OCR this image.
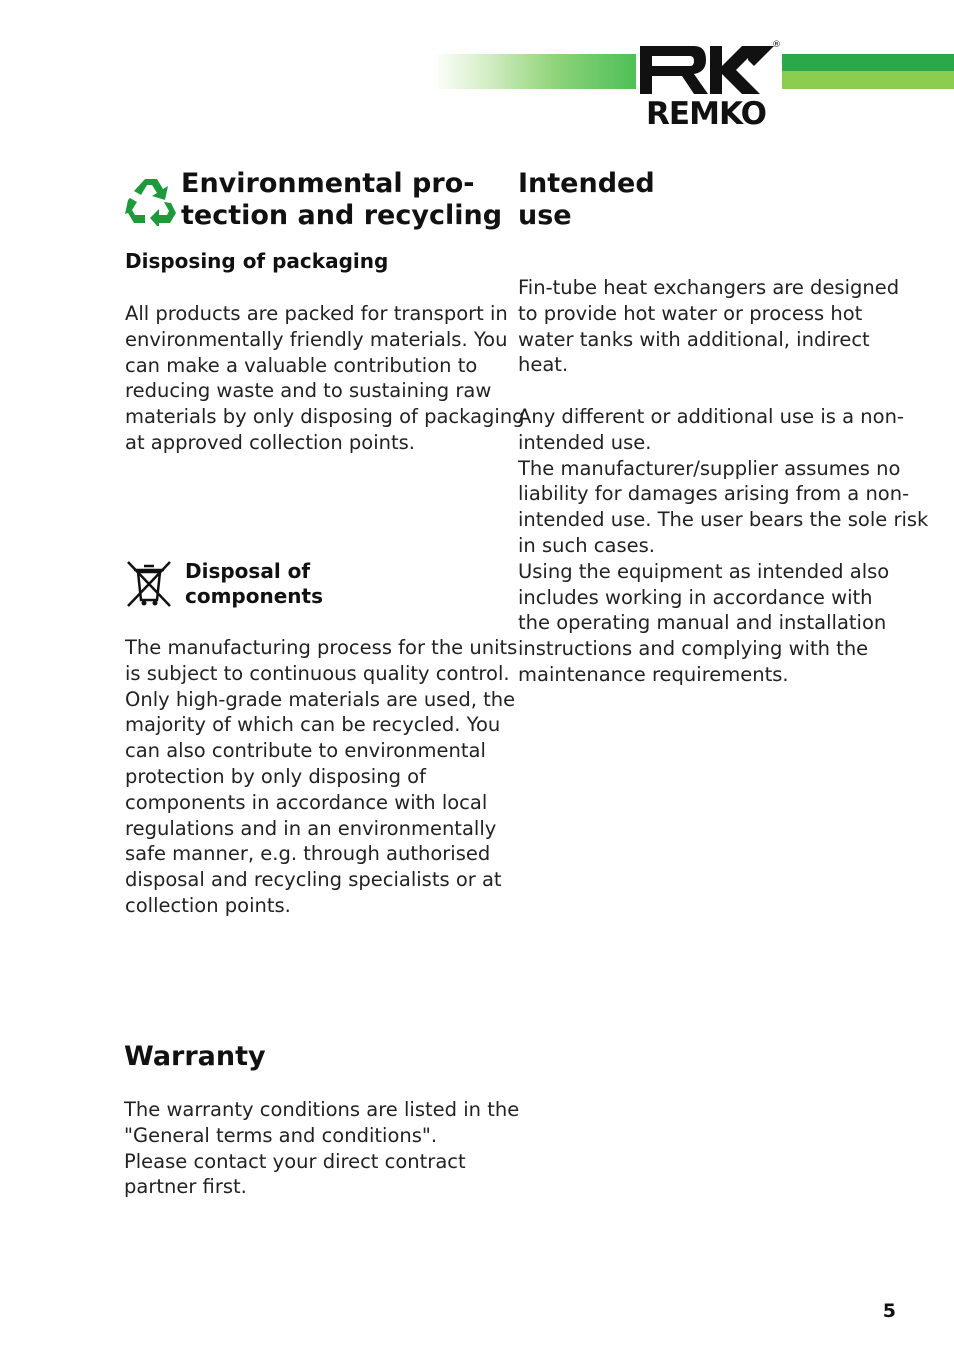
REMKO
®
Environmental pro-
tection and recycling
Disposing of packaging
All products are packed for transport in
environmentally friendly materials. You
can make a valuable contribution to
reducing waste and to sustaining raw
materials by only disposing of packaging
at approved collection points.
Disposal of
components
The manufacturing process for the units
is subject to continuous quality control.
Only high-grade materials are used, the
majority of which can be recycled. You
can also contribute to environmental
protection by only disposing of
components in accordance with local
regulations and in an environmentally
safe manner, e.g. through authorised
disposal and recycling specialists or at
collection points.
Warranty
The warranty conditions are listed in the
"General terms and conditions".
Please contact your direct contract
partner first.
Intended
use
Fin-tube heat exchangers are designed
to provide hot water or process hot
water tanks with additional, indirect
heat.
Any different or additional use is a non-
intended use.
The manufacturer/supplier assumes no
liability for damages arising from a non-
intended use. The user bears the sole risk
in such cases.
Using the equipment as intended also
includes working in accordance with
the operating manual and installation
instructions and complying with the
maintenance requirements.
5
